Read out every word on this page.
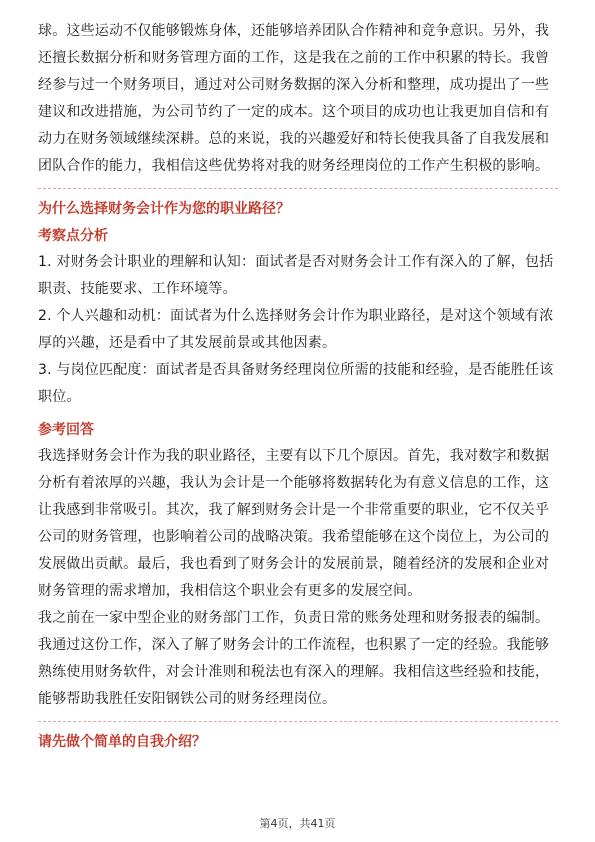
球。这些运动不仅能够锻炼身体，还能够培养团队合作精神和竞争意识。另外，我还擅长数据分析和财务管理方面的工作，这是我在之前的工作中积累的特长。我曾经参与过一个财务项目，通过对公司财务数据的深入分析和整理，成功提出了一些建议和改进措施，为公司节约了一定的成本。这个项目的成功也让我更加自信和有动力在财务领域继续深耕。总的来说，我的兴趣爱好和特长使我具备了自我发展和团队合作的能力，我相信这些优势将对我的财务经理岗位的工作产生积极的影响。

为什么选择财务会计作为您的职业路径？
考察点分析

1. 对财务会计职业的理解和认知：面试者是否对财务会计工作有深入的了解，包括职责、技能要求、工作环境等。

2. 个人兴趣和动机：面试者为什么选择财务会计作为职业路径，是对这个领域有浓厚的兴趣，还是看中了其发展前景或其他因素。

3. 与岗位匹配度：面试者是否具备财务经理岗位所需的技能和经验，是否能胜任该职位。

参考回答

我选择财务会计作为我的职业路径，主要有以下几个原因。首先，我对数字和数据分析有着浓厚的兴趣，我认为会计是一个能够将数据转化为有意义信息的工作，这让我感到非常吸引。其次，我了解到财务会计是一个非常重要的职业，它不仅关乎公司的财务管理，也影响着公司的战略决策。我希望能够在这个岗位上，为公司的发展做出贡献。最后，我也看到了财务会计的发展前景，随着经济的发展和企业对财务管理的需求增加，我相信这个职业会有更多的发展空间。

我之前在一家中型企业的财务部门工作，负责日常的账务处理和财务报表的编制。我通过这份工作，深入了解了财务会计的工作流程，也积累了一定的经验。我能够熟练使用财务软件，对会计准则和税法也有深入的理解。我相信这些经验和技能，能够帮助我胜任安阳钢铁公司的财务经理岗位。

请先做个简单的自我介绍？
第4页，共41页
